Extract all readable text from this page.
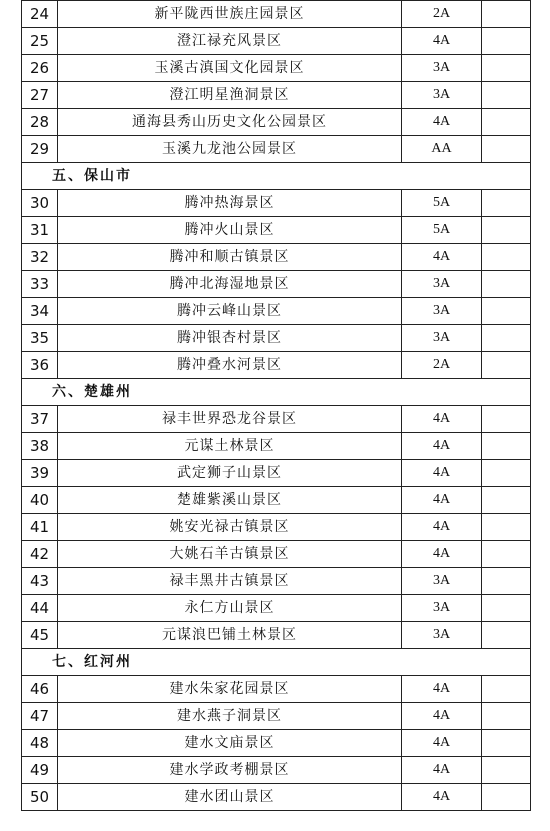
24	新平陇西世族庄园景区	2A	
25	澄江禄充风景区	4A	
26	玉溪古滇国文化园景区	3A	
27	澄江明星渔洞景区	3A	
28	通海县秀山历史文化公园景区	4A	
29	玉溪九龙池公园景区	AA	
五、保山市			
30	腾冲热海景区	5A	
31	腾冲火山景区	5A	
32	腾冲和顺古镇景区	4A	
33	腾冲北海湿地景区	3A	
34	腾冲云峰山景区	3A	
35	腾冲银杏村景区	3A	
36	腾冲叠水河景区	2A	
六、楚雄州			
37	禄丰世界恐龙谷景区	4A	
38	元谋土林景区	4A	
39	武定狮子山景区	4A	
40	楚雄紫溪山景区	4A	
41	姚安光禄古镇景区	4A	
42	大姚石羊古镇景区	4A	
43	禄丰黑井古镇景区	3A	
44	永仁方山景区	3A	
45	元谋浪巴铺土林景区	3A	
七、红河州			
46	建水朱家花园景区	4A	
47	建水燕子洞景区	4A	
48	建水文庙景区	4A	
49	建水学政考棚景区	4A	
50	建水团山景区	4A	
